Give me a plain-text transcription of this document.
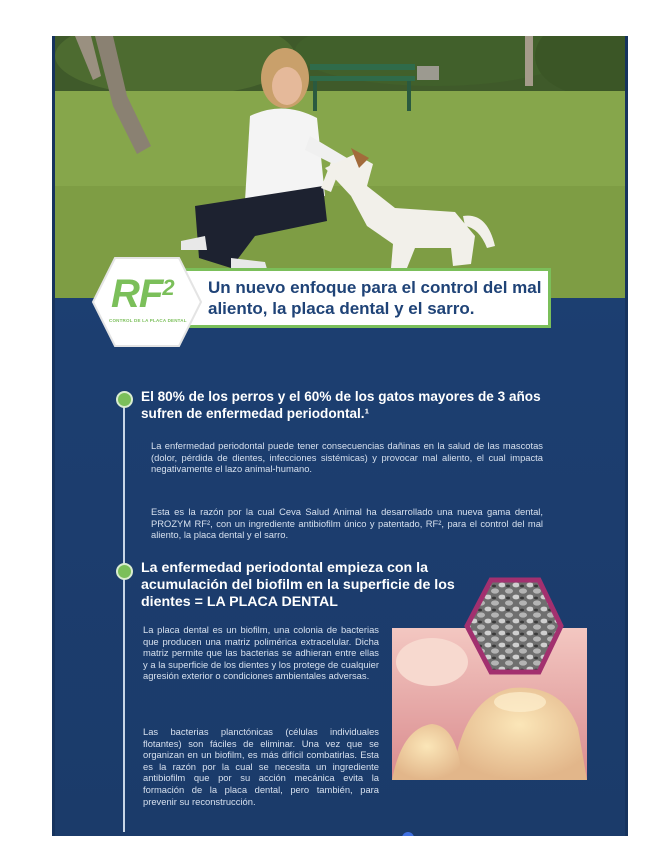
Un nuevo enfoque para el control del mal aliento, la placa dental y el sarro.
$RF^2$
CONTROL DE LA PLACA DENTAL
El 80% de los perros y el 60% de los gatos mayores de 3 años sufren de enfermedad periodontal.¹
La enfermedad periodontal puede tener consecuencias dañinas en la salud de las mascotas (dolor, pérdida de dientes, infecciones sistémicas) y provocar mal aliento, el cual impacta negativamente el lazo animal-humano.
Esta es la razón por la cual Ceva Salud Animal ha desarrollado una nueva gama dental, PROZYM RF², con un ingrediente antibiofilm único y patentado, RF², para el control del mal aliento, la placa dental y el sarro.
La enfermedad periodontal empieza con la acumulación del biofilm en la superficie de los dientes = LA PLACA DENTAL
La placa dental es un biofilm, una colonia de bacterias que producen una matriz polimérica extracelular. Dicha matriz permite que las bacterias se adhieran entre ellas y a la superficie de los dientes y los protege de cualquier agresión exterior o condiciones ambientales adversas.
Las bacterias planctónicas (células individuales flotantes) son fáciles de eliminar. Una vez que se organizan en un biofilm, es más difícil combatirlas. Esta es la razón por la cual se necesita un ingrediente antibiofilm que por su acción mecánica evita la formación de la placa dental, pero también, para prevenir su reconstrucción.
